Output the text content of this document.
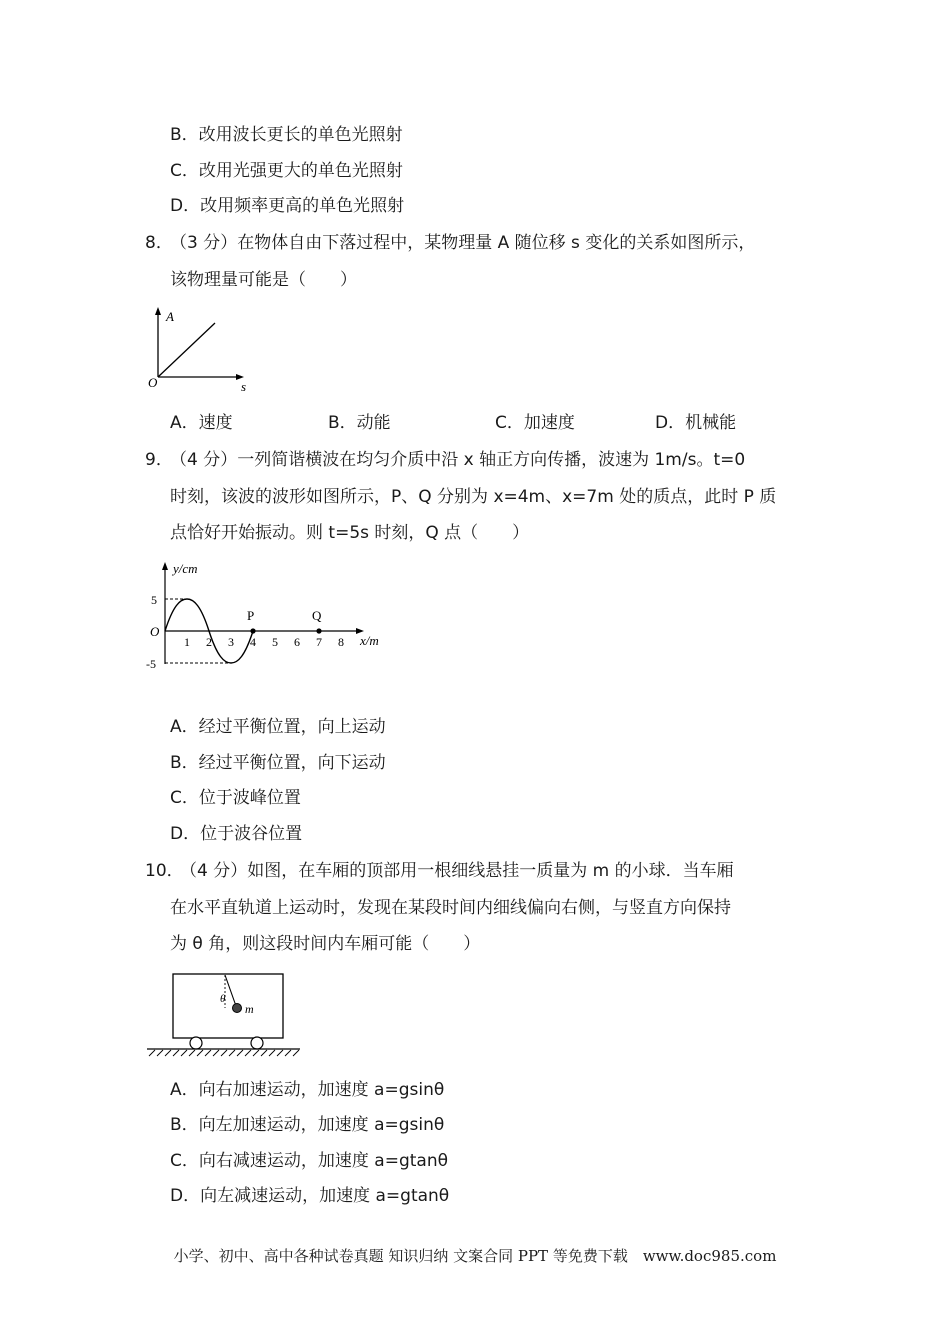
B．改用波长更长的单色光照射
C．改用光强更大的单色光照射
D．改用频率更高的单色光照射
8．
（3 分）在物体自由下落过程中，某物理量 A 随位移 s 变化的关系如图所示，
该物理量可能是（　　）
A
s
O
A．速度	B．动能	C．加速度	D．机械能
9．
（4 分）一列简谐横波在均匀介质中沿 x 轴正方向传播，波速为 1m/s。t=0
时刻，该波的波形如图所示，P、Q 分别为 x=4m、x=7m 处的质点，此时 P 质
点恰好开始振动。则 t=5s 时刻，Q 点（　　）
y/cm
x/m
O
5
-5
1 2 3 4 5 6 7 8
P	Q
A．经过平衡位置，向上运动
B．经过平衡位置，向下运动
C．位于波峰位置
D．位于波谷位置
10．
（4 分）如图，在车厢的顶部用一根细线悬挂一质量为 m 的小球．当车厢
在水平直轨道上运动时，发现在某段时间内细线偏向右侧，与竖直方向保持
为 θ 角，则这段时间内车厢可能（　　）
θ
m
A．向右加速运动，加速度 a=gsinθ
B．向左加速运动，加速度 a=gsinθ
C．向右减速运动，加速度 a=gtanθ
D．向左减速运动，加速度 a=gtanθ
小学、初中、高中各种试卷真题 知识归纳 文案合同 PPT 等免费下载　www.doc985.com
